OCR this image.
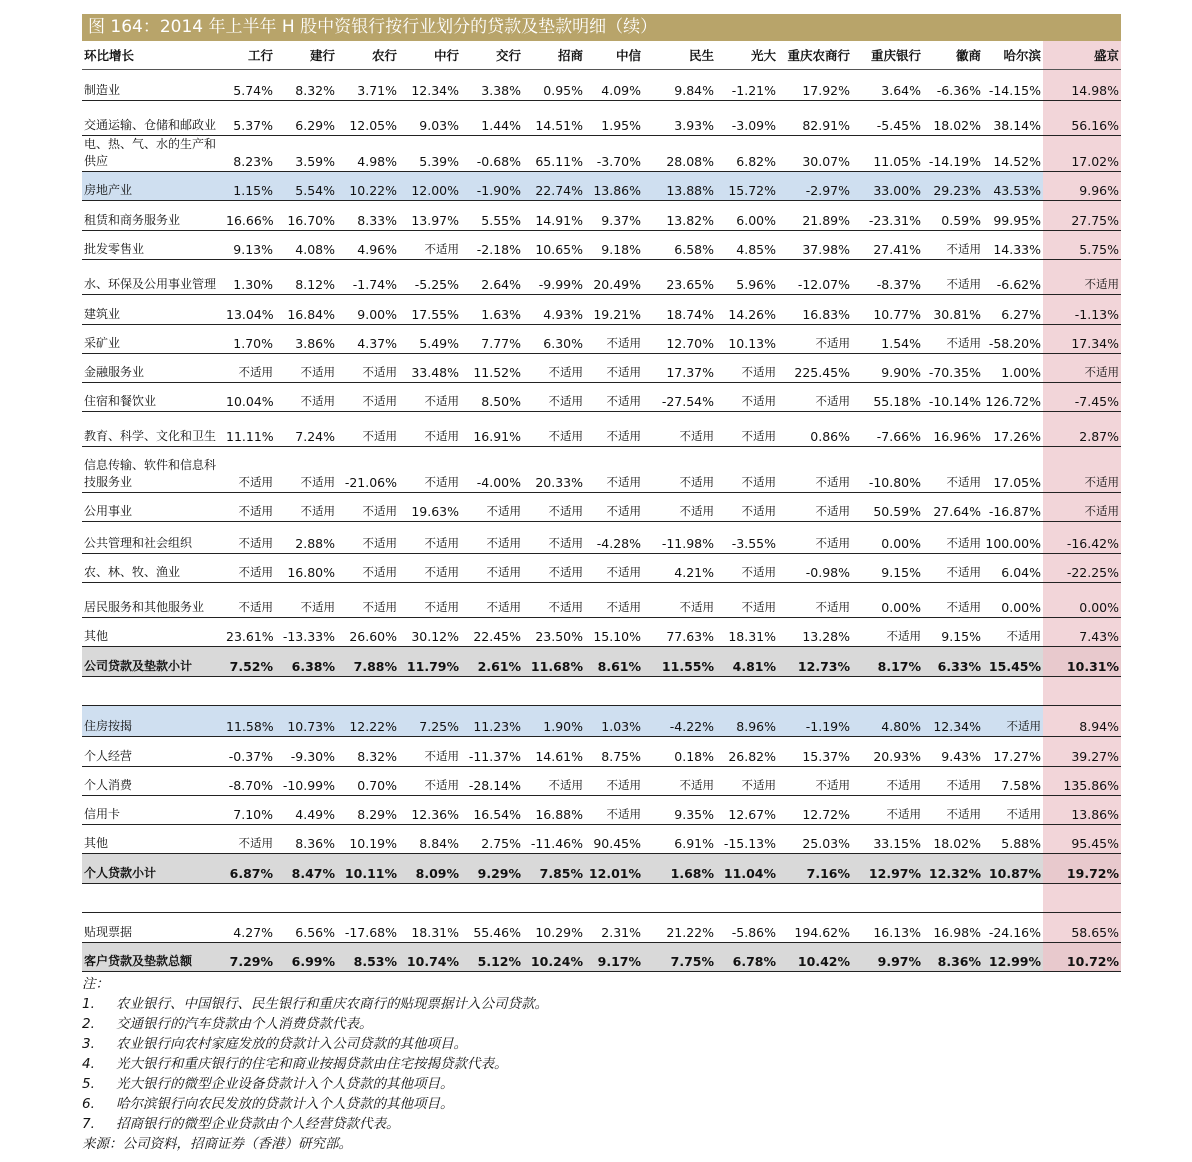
图 164：2014 年上半年 H 股中资银行按行业划分的贷款及垫款明细（续）
环比增长	工行	建行	农行	中行	交行	招商	中信	民生	光大	重庆农商行	重庆银行	徽商	哈尔滨	盛京
制造业	5.74%	8.32%	3.71%	12.34%	3.38%	0.95%	4.09%	9.84%	-1.21%	17.92%	3.64%	-6.36%	-14.15%	14.98%
交通运输、仓储和邮政业	5.37%	6.29%	12.05%	9.03%	1.44%	14.51%	1.95%	3.93%	-3.09%	82.91%	-5.45%	18.02%	38.14%	56.16%
电、热、气、水的生产和供应	8.23%	3.59%	4.98%	5.39%	-0.68%	65.11%	-3.70%	28.08%	6.82%	30.07%	11.05%	-14.19%	14.52%	17.02%
房地产业	1.15%	5.54%	10.22%	12.00%	-1.90%	22.74%	13.86%	13.88%	15.72%	-2.97%	33.00%	29.23%	43.53%	9.96%
租赁和商务服务业	16.66%	16.70%	8.33%	13.97%	5.55%	14.91%	9.37%	13.82%	6.00%	21.89%	-23.31%	0.59%	99.95%	27.75%
批发零售业	9.13%	4.08%	4.96%	不适用	-2.18%	10.65%	9.18%	6.58%	4.85%	37.98%	27.41%	不适用	14.33%	5.75%
水、环保及公用事业管理	1.30%	8.12%	-1.74%	-5.25%	2.64%	-9.99%	20.49%	23.65%	5.96%	-12.07%	-8.37%	不适用	-6.62%	不适用
建筑业	13.04%	16.84%	9.00%	17.55%	1.63%	4.93%	19.21%	18.74%	14.26%	16.83%	10.77%	30.81%	6.27%	-1.13%
采矿业	1.70%	3.86%	4.37%	5.49%	7.77%	6.30%	不适用	12.70%	10.13%	不适用	1.54%	不适用	-58.20%	17.34%
金融服务业	不适用	不适用	不适用	33.48%	11.52%	不适用	不适用	17.37%	不适用	225.45%	9.90%	-70.35%	1.00%	不适用
住宿和餐饮业	10.04%	不适用	不适用	不适用	8.50%	不适用	不适用	-27.54%	不适用	不适用	55.18%	-10.14%	126.72%	-7.45%
教育、科学、文化和卫生	11.11%	7.24%	不适用	不适用	16.91%	不适用	不适用	不适用	不适用	0.86%	-7.66%	16.96%	17.26%	2.87%
信息传输、软件和信息科技服务业	不适用	不适用	-21.06%	不适用	-4.00%	20.33%	不适用	不适用	不适用	不适用	-10.80%	不适用	17.05%	不适用
公用事业	不适用	不适用	不适用	19.63%	不适用	不适用	不适用	不适用	不适用	不适用	50.59%	27.64%	-16.87%	不适用
公共管理和社会组织	不适用	2.88%	不适用	不适用	不适用	不适用	-4.28%	-11.98%	-3.55%	不适用	0.00%	不适用	100.00%	-16.42%
农、林、牧、渔业	不适用	16.80%	不适用	不适用	不适用	不适用	不适用	4.21%	不适用	-0.98%	9.15%	不适用	6.04%	-22.25%
居民服务和其他服务业	不适用	不适用	不适用	不适用	不适用	不适用	不适用	不适用	不适用	不适用	0.00%	不适用	0.00%	0.00%
其他	23.61%	-13.33%	26.60%	30.12%	22.45%	23.50%	15.10%	77.63%	18.31%	13.28%	不适用	9.15%	不适用	7.43%
公司贷款及垫款小计	7.52%	6.38%	7.88%	11.79%	2.61%	11.68%	8.61%	11.55%	4.81%	12.73%	8.17%	6.33%	15.45%	10.31%

住房按揭	11.58%	10.73%	12.22%	7.25%	11.23%	1.90%	1.03%	-4.22%	8.96%	-1.19%	4.80%	12.34%	不适用	8.94%
个人经营	-0.37%	-9.30%	8.32%	不适用	-11.37%	14.61%	8.75%	0.18%	26.82%	15.37%	20.93%	9.43%	17.27%	39.27%
个人消费	-8.70%	-10.99%	0.70%	不适用	-28.14%	不适用	不适用	不适用	不适用	不适用	不适用	不适用	7.58%	135.86%
信用卡	7.10%	4.49%	8.29%	12.36%	16.54%	16.88%	不适用	9.35%	12.67%	12.72%	不适用	不适用	不适用	13.86%
其他	不适用	8.36%	10.19%	8.84%	2.75%	-11.46%	90.45%	6.91%	-15.13%	25.03%	33.15%	18.02%	5.88%	95.45%
个人贷款小计	6.87%	8.47%	10.11%	8.09%	9.29%	7.85%	12.01%	1.68%	11.04%	7.16%	12.97%	12.32%	10.87%	19.72%

贴现票据	4.27%	6.56%	-17.68%	18.31%	55.46%	10.29%	2.31%	21.22%	-5.86%	194.62%	16.13%	16.98%	-24.16%	58.65%
客户贷款及垫款总额	7.29%	6.99%	8.53%	10.74%	5.12%	10.24%	9.17%	7.75%	6.78%	10.42%	9.97%	8.36%	12.99%	10.72%
注：
1.	农业银行、中国银行、民生银行和重庆农商行的贴现票据计入公司贷款。
2.	交通银行的汽车贷款由个人消费贷款代表。
3.	农业银行向农村家庭发放的贷款计入公司贷款的其他项目。
4.	光大银行和重庆银行的住宅和商业按揭贷款由住宅按揭贷款代表。
5.	光大银行的微型企业设备贷款计入个人贷款的其他项目。
6.	哈尔滨银行向农民发放的贷款计入个人贷款的其他项目。
7.	招商银行的微型企业贷款由个人经营贷款代表。
来源：公司资料，招商证券（香港）研究部。
